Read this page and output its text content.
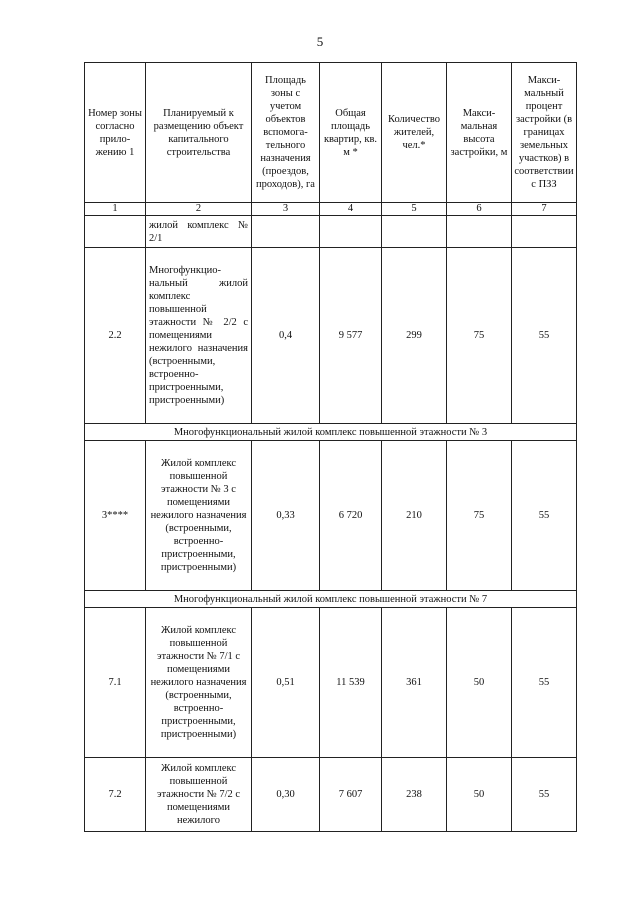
5
Номер зоны согласно прило-жению 1	Планируемый к размещению объект капитального строительства	Площадь зоны с учетом объектов вспомога-тельного назначения (проездов, проходов), га	Общая площадь квартир, кв. м *	Количество жителей, чел.*	Макси-мальная высота застройки, м	Макси-мальный процент застройки (в границах земельных участков) в соответствии с ПЗЗ
1	2	3	4	5	6	7
	жилой комплекс № 2/1					
2.2	Многофункцио-нальный жилой комплекс повышенной этажности № 2/2 с помещениями нежилого назначения (встроенными, встроенно-пристроенными, пристроенными)	0,4	9 577	299	75	55
Многофункциональный жилой комплекс повышенной этажности № 3						
3****	Жилой комплекс повышенной этажности № 3 с помещениями нежилого назначения (встроенными, встроенно-пристроенными, пристроенными)	0,33	6 720	210	75	55
Многофункциональный жилой комплекс повышенной этажности № 7						
7.1	Жилой комплекс повышенной этажности № 7/1 с помещениями нежилого назначения (встроенными, встроенно-пристроенными, пристроенными)	0,51	11 539	361	50	55
7.2	Жилой комплекс повышенной этажности № 7/2 с помещениями нежилого	0,30	7 607	238	50	55
